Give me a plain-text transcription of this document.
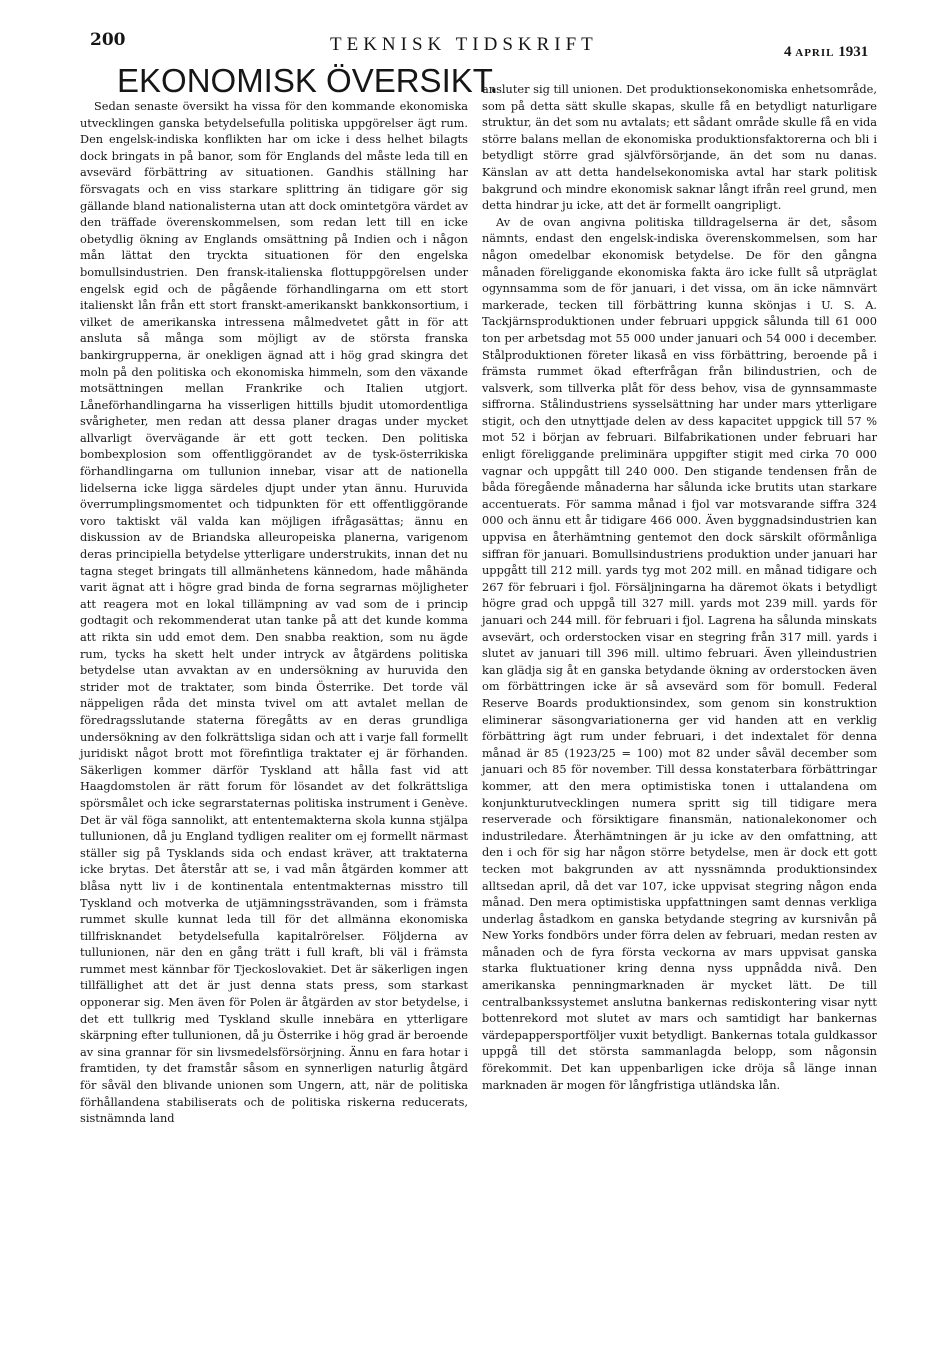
200	TEKNISK TIDSKRIFT	4 APRIL 1931
EKONOMISK ÖVERSIKT.

Sedan senaste översikt ha vissa för den kommande ekonomiska utvecklingen ganska betydelsefulla politiska uppgörelser ägt rum. Den engelsk-indiska konflikten har om icke i dess helhet bilagts dock bringats in på banor, som för Englands del måste leda till en avsevärd förbättring av situationen. Gandhis ställning har försvagats och en viss starkare splittring än tidigare gör sig gällande bland nationalisterna utan att dock omintetgöra värdet av den träffade överenskommelsen, som redan lett till en icke obetydlig ökning av Englands omsättning på Indien och i någon mån lättat den tryckta situationen för den engelska bomullsindustrien. Den fransk-italienska flottuppgörelsen under engelsk egid och de pågående förhandlingarna om ett stort italienskt lån från ett stort franskt-amerikanskt bankkonsortium, i vilket de amerikanska intressena målmedvetet gått in för att ansluta så många som möjligt av de största franska bankirgrupperna, är onekligen ägnad att i hög grad skingra det moln på den politiska och ekonomiska himmeln, som den växande motsättningen mellan Frankrike och Italien utgjort. Låneförhandlingarna ha visserligen hittills bjudit utomordentliga svårigheter, men redan att dessa planer dragas under mycket allvarligt övervägande är ett gott tecken. Den politiska bombexplosion som offentliggörandet av de tysk-österrikiska förhandlingarna om tullunion innebar, visar att de nationella lidelserna icke ligga särdeles djupt under ytan ännu. Huruvida överrumplingsmomentet och tidpunkten för ett offentliggörande voro taktiskt väl valda kan möjligen ifrågasättas; ännu en diskussion av de Briandska alleuropeiska planerna, varigenom deras principiella betydelse ytterligare understrukits, innan det nu tagna steget bringats till allmänhetens kännedom, hade måhända varit ägnat att i högre grad binda de forna segrarnas möjligheter att reagera mot en lokal tillämpning av vad som de i princip godtagit och rekommenderat utan tanke på att det kunde komma att rikta sin udd emot dem. Den snabba reaktion, som nu ägde rum, tycks ha skett helt under intryck av åtgärdens politiska betydelse utan avvaktan av en undersökning av huruvida den strider mot de traktater, som binda Österrike. Det torde väl näppeligen råda det minsta tvivel om att avtalet mellan de föredragsslutande staterna föregåtts av en deras grundliga undersökning av den folkrättsliga sidan och att i varje fall formellt juridiskt något brott mot förefintliga traktater ej är förhanden. Säkerligen kommer därför Tyskland att hålla fast vid att Haagdomstolen är rätt forum för lösandet av det folkrättsliga spörsmålet och icke segrarstaternas politiska instrument i Genève. Det är väl föga sannolikt, att ententemakterna skola kunna stjälpa tullunionen, då ju England tydligen realiter om ej formellt närmast ställer sig på Tysklands sida och endast kräver, att traktaterna icke brytas. Det återstår att se, i vad mån åtgärden kommer att blåsa nytt liv i de kontinentala ententmakternas misstro till Tyskland och motverka de utjämningssträvanden, som i främsta rummet skulle kunnat leda till för det allmänna ekonomiska tillfrisknandet betydelsefulla kapitalrörelser. Följderna av tullunionen, när den en gång trätt i full kraft, bli väl i främsta rummet mest kännbar för Tjeckoslovakiet. Det är säkerligen ingen tillfällighet att det är just denna stats press, som starkast opponerar sig. Men även för Polen är åtgärden av stor betydelse, i det ett tullkrig med Tyskland skulle innebära en ytterligare skärpning efter tullunionen, då ju Österrike i hög grad är beroende av sina grannar för sin livsmedelsförsörjning. Ännu en fara hotar i framtiden, ty det framstår såsom en synnerligen naturlig åtgärd för såväl den blivande unionen som Ungern, att, när de politiska förhållandena stabiliserats och de politiska riskerna reducerats, sistnämnda land

ansluter sig till unionen. Det produktionsekonomiska enhetsområde, som på detta sätt skulle skapas, skulle få en betydligt naturligare struktur, än det som nu avtalats; ett sådant område skulle få en vida större balans mellan de ekonomiska produktionsfaktorerna och bli i betydligt större grad självförsörjande, än det som nu danas. Känslan av att detta handelsekonomiska avtal har stark politisk bakgrund och mindre ekonomisk saknar långt ifrån reel grund, men detta hindrar ju icke, att det är formellt oangripligt.

Av de ovan angivna politiska tilldragelserna är det, såsom nämnts, endast den engelsk-indiska överenskommelsen, som har någon omedelbar ekonomisk betydelse. De för den gångna månaden föreliggande ekonomiska fakta äro icke fullt så utpräglat ogynnsamma som de för januari, i det vissa, om än icke nämnvärt markerade, tecken till förbättring kunna skönjas i U. S. A. Tackjärnsproduktionen under februari uppgick sålunda till 61 000 ton per arbetsdag mot 55 000 under januari och 54 000 i december. Stålproduktionen företer likaså en viss förbättring, beroende på i främsta rummet ökad efterfrågan från bilindustrien, och de valsverk, som tillverka plåt för dess behov, visa de gynnsammaste siffrorna. Stålindustriens sysselsättning har under mars ytterligare stigit, och den utnyttjade delen av dess kapacitet uppgick till 57 % mot 52 i början av februari. Bilfabrikationen under februari har enligt föreliggande preliminära uppgifter stigit med cirka 70 000 vagnar och uppgått till 240 000. Den stigande tendensen från de båda föregående månaderna har sålunda icke brutits utan starkare accentuerats. För samma månad i fjol var motsvarande siffra 324 000 och ännu ett år tidigare 466 000. Även byggnadsindustrien kan uppvisa en återhämtning gentemot den dock särskilt oförmånliga siffran för januari. Bomullsindustriens produktion under januari har uppgått till 212 mill. yards tyg mot 202 mill. en månad tidigare och 267 för februari i fjol. Försäljningarna ha däremot ökats i betydligt högre grad och uppgå till 327 mill. yards mot 239 mill. yards för januari och 244 mill. för februari i fjol. Lagrena ha sålunda minskats avsevärt, och orderstocken visar en stegring från 317 mill. yards i slutet av januari till 396 mill. ultimo februari. Även ylleindustrien kan glädja sig åt en ganska betydande ökning av orderstocken även om förbättringen icke är så avsevärd som för bomull. Federal Reserve Boards produktionsindex, som genom sin konstruktion eliminerar säsongvariationerna ger vid handen att en verklig förbättring ägt rum under februari, i det indextalet för denna månad är 85 (1923/25 = 100) mot 82 under såväl december som januari och 85 för november. Till dessa konstaterbara förbättringar kommer, att den mera optimistiska tonen i uttalandena om konjunkturutvecklingen numera spritt sig till tidigare mera reserverade och försiktigare finansmän, nationalekonomer och industriledare. Återhämtningen är ju icke av den omfattning, att den i och för sig har någon större betydelse, men är dock ett gott tecken mot bakgrunden av att nyssnämnda produktionsindex alltsedan april, då det var 107, icke uppvisat stegring någon enda månad. Den mera optimistiska uppfattningen samt dennas verkliga underlag åstadkom en ganska betydande stegring av kursnivån på New Yorks fondbörs under förra delen av februari, medan resten av månaden och de fyra första veckorna av mars uppvisat ganska starka fluktuationer kring denna nyss uppnådda nivå. Den amerikanska penningmarknaden är mycket lätt. De till centralbankssystemet anslutna bankernas rediskontering visar nytt bottenrekord mot slutet av mars och samtidigt har bankernas värdepappersportföljer vuxit betydligt. Bankernas totala guldkassor uppgå till det största sammanlagda belopp, som någonsin förekommit. Det kan uppenbarligen icke dröja så länge innan marknaden är mogen för långfristiga utländska lån.
